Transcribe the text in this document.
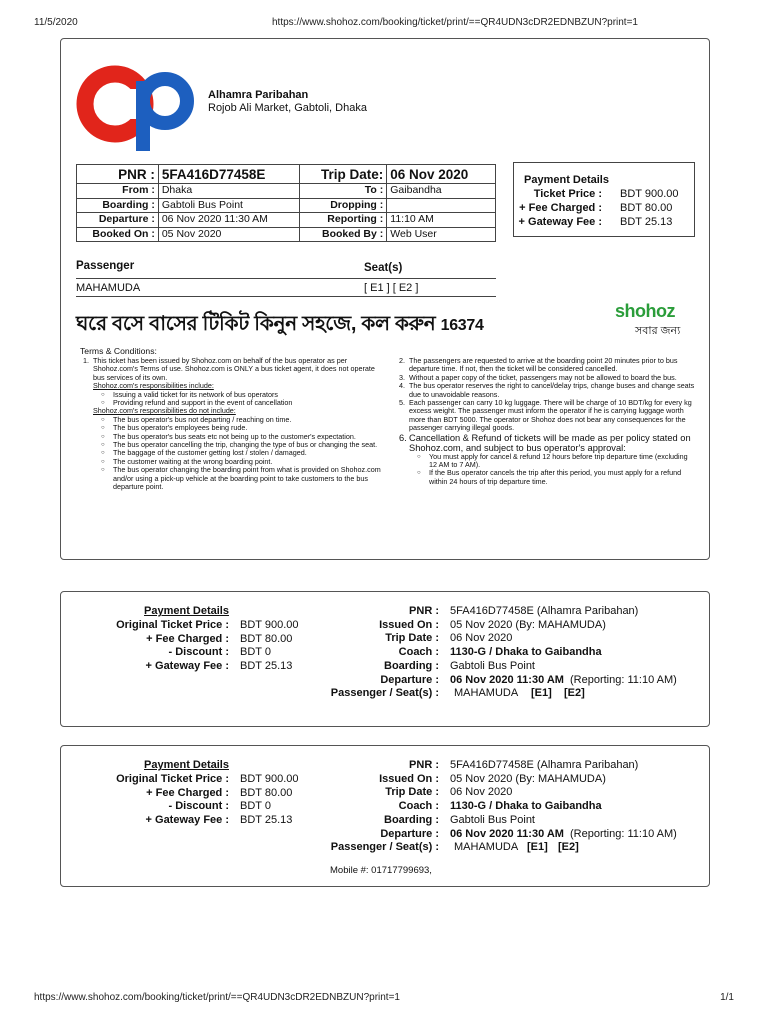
11/5/2020	https://www.shohoz.com/booking/ticket/print/==QR4UDN3cDR2EDNBZUN?print=1
Alhamra Paribahan
Rojob Ali Market, Gabtoli, Dhaka
PNR :	5FA416D77458E	Trip Date:	06 Nov 2020
From :	Dhaka	To :	Gaibandha
Boarding :	Gabtoli Bus Point	Dropping :	
Departure :	06 Nov 2020 11:30 AM	Reporting :	11:10 AM
Booked On :	05 Nov 2020	Booked By :	Web User
Payment Details
Ticket Price : BDT 900.00
+ Fee Charged : BDT 80.00
+ Gateway Fee : BDT 25.13
Passenger	Seat(s)
MAHAMUDA	[ E1 ] [ E2 ]
ঘরে বসে বাসের টিকিট কিনুন সহজে, কল করুন 16374
shohoz
সবার জন্য
Terms & Conditions:
1. This ticket has been issued by Shohoz.com on behalf of the bus operator as per Shohoz.com's Terms of use. Shohoz.com is ONLY a bus ticket agent, it does not operate bus services of its own.
Shohoz.com's responsibilities include:
○ Issuing a valid ticket for its network of bus operators
○ Providing refund and support in the event of cancellation
Shohoz.com's responsibilities do not include:
○ The bus operator's bus not departing / reaching on time.
○ The bus operator's employees being rude.
○ The bus operator's bus seats etc not being up to the customer's expectation.
○ The bus operator cancelling the trip, changing the type of bus or changing the seat.
○ The baggage of the customer getting lost / stolen / damaged.
○ The customer waiting at the wrong boarding point.
○ The bus operator changing the boarding point from what is provided on Shohoz.com and/or using a pick-up vehicle at the boarding point to take customers to the bus departure point.
2. The passengers are requested to arrive at the boarding point 20 minutes prior to bus departure time. If not, then the ticket will be considered cancelled.
3. Without a paper copy of the ticket, passengers may not be allowed to board the bus.
4. The bus operator reserves the right to cancel/delay trips, change buses and change seats due to unavoidable reasons.
5. Each passenger can carry 10 kg luggage. There will be charge of 10 BDT/kg for every kg excess weight. The passenger must inform the operator if he is carrying luggage worth more than BDT 5000. The operator or Shohoz does not bear any consequences for the passenger carrying illegal goods.
6. Cancellation & Refund of tickets will be made as per policy stated on Shohoz.com, and subject to bus operator's approval:
○ You must apply for cancel & refund 12 hours before trip departure time (excluding 12 AM to 7 AM).
○ If the Bus operator cancels the trip after this period, you must apply for a refund within 24 hours of trip departure time.
Payment Details
Original Ticket Price : BDT 900.00
+ Fee Charged : BDT 80.00
- Discount : BDT 0
+ Gateway Fee : BDT 25.13
PNR : 5FA416D77458E (Alhamra Paribahan)
Issued On : 05 Nov 2020 (By: MAHAMUDA)
Trip Date : 06 Nov 2020
Coach : 1130-G / Dhaka to Gaibandha
Boarding : Gabtoli Bus Point
Departure : 06 Nov 2020 11:30 AM (Reporting: 11:10 AM)
Passenger / Seat(s) : MAHAMUDA [E1] [E2]
Payment Details
Original Ticket Price : BDT 900.00
+ Fee Charged : BDT 80.00
- Discount : BDT 0
+ Gateway Fee : BDT 25.13
PNR : 5FA416D77458E (Alhamra Paribahan)
Issued On : 05 Nov 2020 (By: MAHAMUDA)
Trip Date : 06 Nov 2020
Coach : 1130-G / Dhaka to Gaibandha
Boarding : Gabtoli Bus Point
Departure : 06 Nov 2020 11:30 AM (Reporting: 11:10 AM)
Passenger / Seat(s) : MAHAMUDA [E1] [E2]
Mobile #: 01717799693,
https://www.shohoz.com/booking/ticket/print/==QR4UDN3cDR2EDNBZUN?print=1	1/1
